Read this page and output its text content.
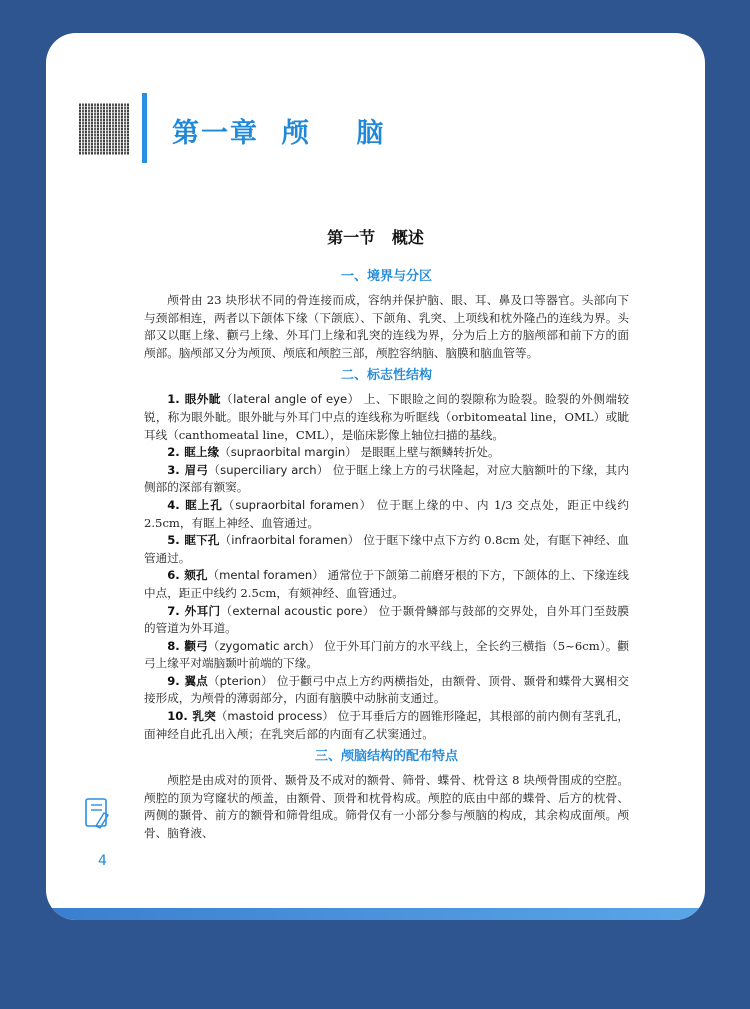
第一章  颅    脑
第一节   概述
一、境界与分区

颅骨由 23 块形状不同的骨连接而成，容纳并保护脑、眼、耳、鼻及口等器官。头部向下与颈部相连，两者以下颌体下缘（下颌底）、下颌角、乳突、上项线和枕外隆凸的连线为界。头部又以眶上缘、颧弓上缘、外耳门上缘和乳突的连线为界，分为后上方的脑颅部和前下方的面颅部。脑颅部又分为颅顶、颅底和颅腔三部，颅腔容纳脑、脑膜和脑血管等。

二、标志性结构

1. 眼外眦（lateral angle of eye） 上、下眼睑之间的裂隙称为睑裂。睑裂的外侧端较锐，称为眼外眦。眼外眦与外耳门中点的连线称为听眶线（orbitomeatal line，OML）或眦耳线（canthomeatal line，CML），是临床影像上轴位扫描的基线。

2. 眶上缘（supraorbital margin） 是眼眶上壁与额鳞转折处。

3. 眉弓（superciliary arch） 位于眶上缘上方的弓状隆起，对应大脑额叶的下缘，其内侧部的深部有额窦。

4. 眶上孔（supraorbital foramen） 位于眶上缘的中、内 1/3 交点处，距正中线约 2.5cm，有眶上神经、血管通过。

5. 眶下孔（infraorbital foramen） 位于眶下缘中点下方约 0.8cm 处，有眶下神经、血管通过。

6. 颏孔（mental foramen） 通常位于下颌第二前磨牙根的下方，下颌体的上、下缘连线中点，距正中线约 2.5cm，有颏神经、血管通过。

7. 外耳门（external acoustic pore） 位于颞骨鳞部与鼓部的交界处，自外耳门至鼓膜的管道为外耳道。

8. 颧弓（zygomatic arch） 位于外耳门前方的水平线上，全长约三横指（5~6cm）。颧弓上缘平对端脑颞叶前端的下缘。

9. 翼点（pterion） 位于颧弓中点上方约两横指处，由额骨、顶骨、颞骨和蝶骨大翼相交接形成，为颅骨的薄弱部分，内面有脑膜中动脉前支通过。

10. 乳突（mastoid process） 位于耳垂后方的圆锥形隆起，其根部的前内侧有茎乳孔，面神经自此孔出入颅；在乳突后部的内面有乙状窦通过。

三、颅脑结构的配布特点

颅腔是由成对的顶骨、颞骨及不成对的额骨、筛骨、蝶骨、枕骨这 8 块颅骨围成的空腔。颅腔的顶为穹窿状的颅盖，由额骨、顶骨和枕骨构成。颅腔的底由中部的蝶骨、后方的枕骨、两侧的颞骨、前方的额骨和筛骨组成。筛骨仅有一小部分参与颅脑的构成，其余构成面颅。颅骨、脑脊液、

4
